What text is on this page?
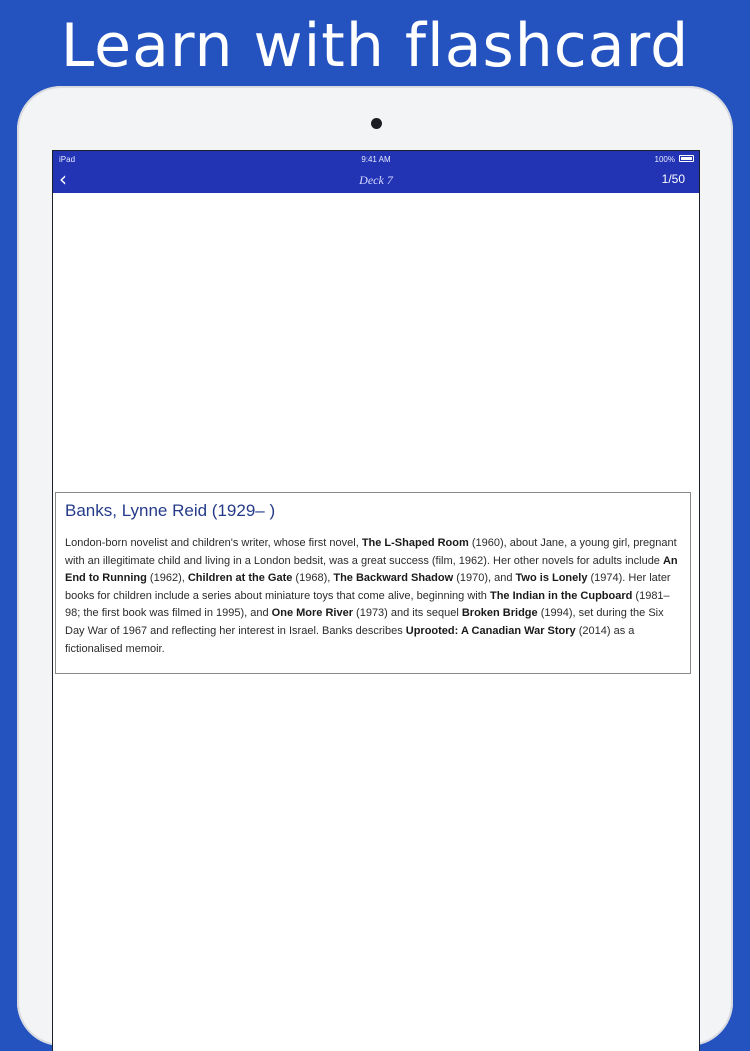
Learn with flashcard
iPad	9:41 AM	100%
‹	Deck 7	1/50
Banks, Lynne Reid (1929– )

London-born novelist and children's writer, whose first novel, The L-Shaped Room (1960), about Jane, a young girl, pregnant with an illegitimate child and living in a London bedsit, was a great success (film, 1962). Her other novels for adults include An End to Running (1962), Children at the Gate (1968), The Backward Shadow (1970), and Two is Lonely (1974). Her later books for children include a series about miniature toys that come alive, beginning with The Indian in the Cupboard (1981–98; the first book was filmed in 1995), and One More River (1973) and its sequel Broken Bridge (1994), set during the Six Day War of 1967 and reflecting her interest in Israel. Banks describes Uprooted: A Canadian War Story (2014) as a fictionalised memoir.
